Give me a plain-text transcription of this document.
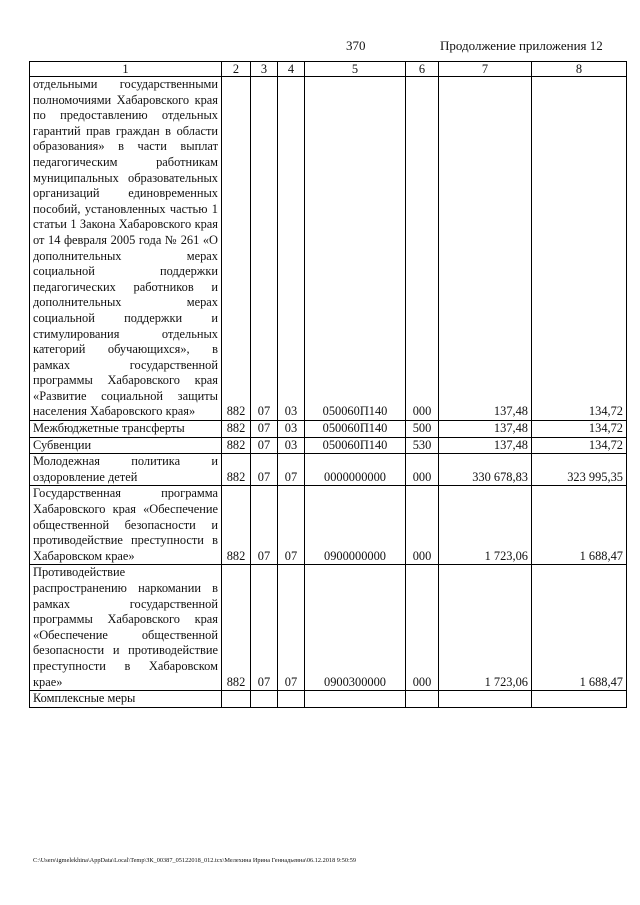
370	Продолжение приложения 12
1	2	3	4	5	6	7	8
отдельными государственными полномочиями Хабаровского края по предоставлению отдельных гарантий прав граждан в области образования» в части выплат педагогическим работникам муниципальных образовательных организаций единовременных пособий, установленных частью 1 статьи 1 Закона Хабаровского края от 14 февраля 2005 года № 261 «О дополнительных мерах социальной поддержки педагогических работников и дополнительных мерах социальной поддержки и стимулирования отдельных категорий обучающихся», в рамках государственной программы Хабаровского края «Развитие социальной защиты населения Хабаровского края»	882	07	03	050060П140	000	137,48	134,72
Межбюджетные трансферты	882	07	03	050060П140	500	137,48	134,72
Субвенции	882	07	03	050060П140	530	137,48	134,72
Молодежная политика и оздоровление детей	882	07	07	0000000000	000	330 678,83	323 995,35
Государственная программа Хабаровского края «Обеспечение общественной безопасности и противодействие преступности в Хабаровском крае»	882	07	07	0900000000	000	1 723,06	1 688,47
Противодействие распространению наркомании в рамках государственной программы Хабаровского края «Обеспечение общественной безопасности и противодействие преступности в Хабаровском крае»	882	07	07	0900300000	000	1 723,06	1 688,47
Комплексные меры							
C:\Users\igmelekhina\AppData\Local\Temp\ЗК_00387_05122018_012.tcx\Мелехина Ирина Геннадьевна\06.12.2018 9:50:59
